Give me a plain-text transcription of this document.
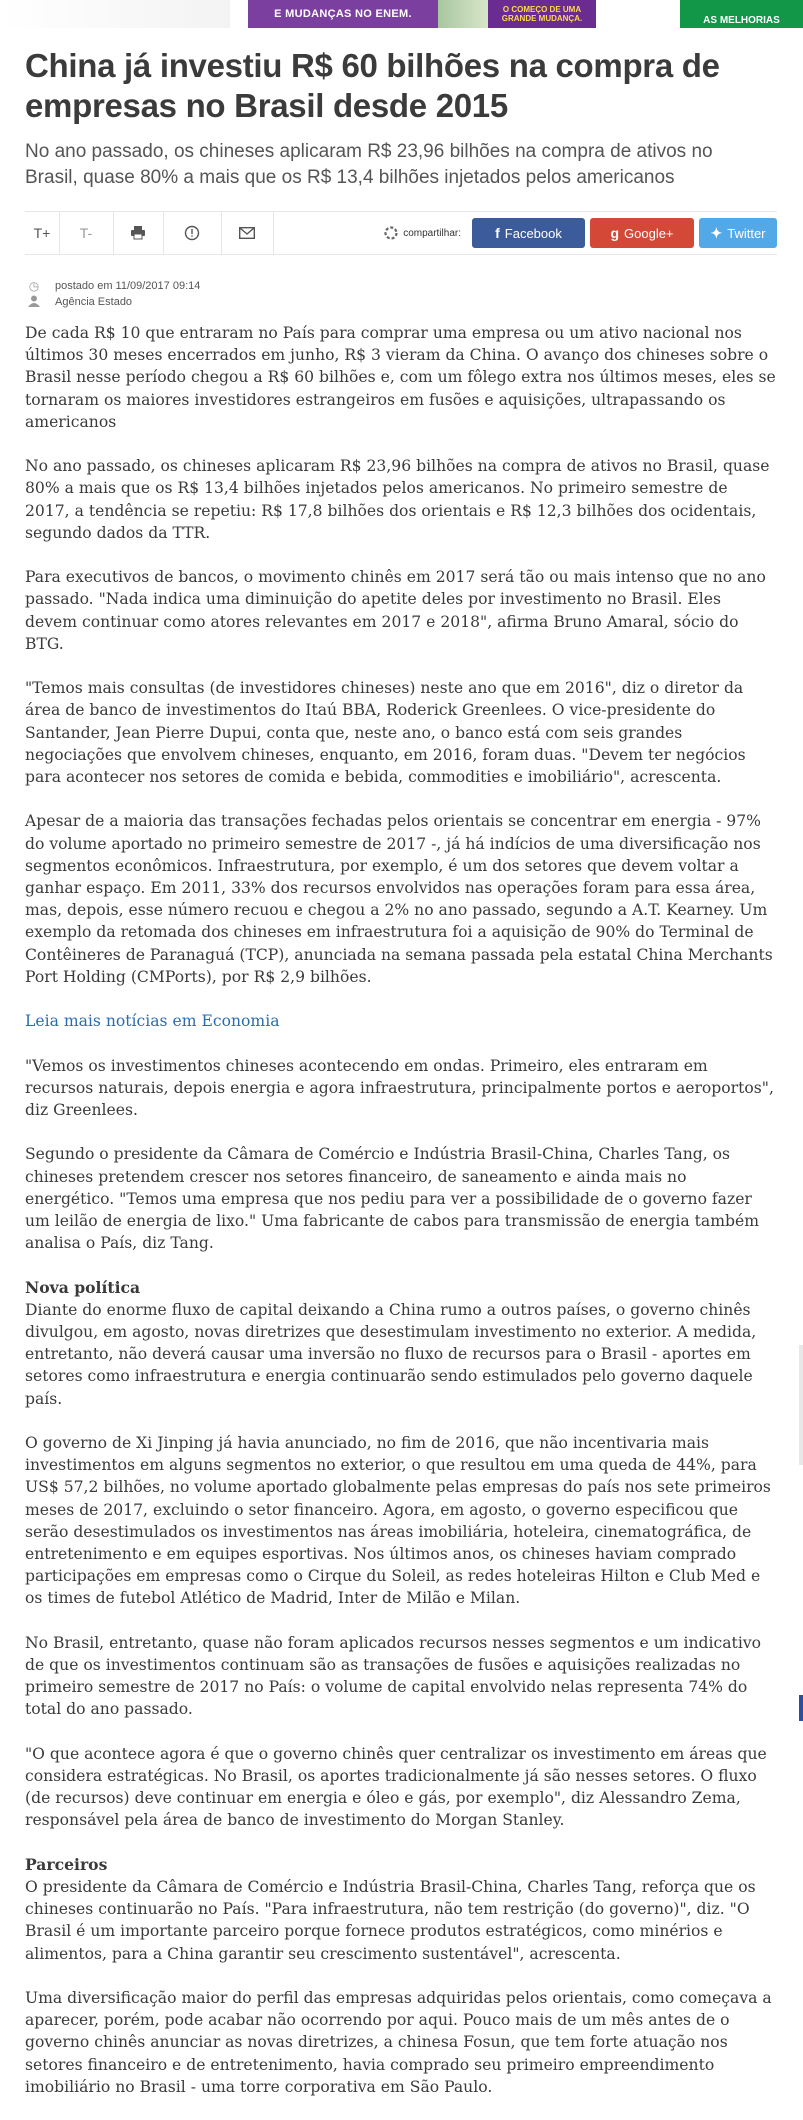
E MUDANÇAS NO ENEM.	O COMEÇO DE UMA GRANDE MUDANÇA.	AS MELHORIAS
China já investiu R$ 60 bilhões na compra de empresas no Brasil desde 2015

No ano passado, os chineses aplicaram R$ 23,96 bilhões na compra de ativos no Brasil, quase 80% a mais que os R$ 13,4 bilhões injetados pelos americanos

T+ T-	compartilhar: f Facebook	g Google+	✦ Twitter
◷	postado em 11/09/2017 09:14
Agência Estado

De cada R$ 10 que entraram no País para comprar uma empresa ou um ativo nacional nos últimos 30 meses encerrados em junho, R$ 3 vieram da China. O avanço dos chineses sobre o Brasil nesse período chegou a R$ 60 bilhões e, com um fôlego extra nos últimos meses, eles se tornaram os maiores investidores estrangeiros em fusões e aquisições, ultrapassando os americanos

No ano passado, os chineses aplicaram R$ 23,96 bilhões na compra de ativos no Brasil, quase 80% a mais que os R$ 13,4 bilhões injetados pelos americanos. No primeiro semestre de 2017, a tendência se repetiu: R$ 17,8 bilhões dos orientais e R$ 12,3 bilhões dos ocidentais, segundo dados da TTR.

Para executivos de bancos, o movimento chinês em 2017 será tão ou mais intenso que no ano passado. "Nada indica uma diminuição do apetite deles por investimento no Brasil. Eles devem continuar como atores relevantes em 2017 e 2018", afirma Bruno Amaral, sócio do BTG.

"Temos mais consultas (de investidores chineses) neste ano que em 2016", diz o diretor da área de banco de investimentos do Itaú BBA, Roderick Greenlees. O vice-presidente do Santander, Jean Pierre Dupui, conta que, neste ano, o banco está com seis grandes negociações que envolvem chineses, enquanto, em 2016, foram duas. "Devem ter negócios para acontecer nos setores de comida e bebida, commodities e imobiliário", acrescenta.

Apesar de a maioria das transações fechadas pelos orientais se concentrar em energia - 97% do volume aportado no primeiro semestre de 2017 -, já há indícios de uma diversificação nos segmentos econômicos. Infraestrutura, por exemplo, é um dos setores que devem voltar a ganhar espaço. Em 2011, 33% dos recursos envolvidos nas operações foram para essa área, mas, depois, esse número recuou e chegou a 2% no ano passado, segundo a A.T. Kearney. Um exemplo da retomada dos chineses em infraestrutura foi a aquisição de 90% do Terminal de Contêineres de Paranaguá (TCP), anunciada na semana passada pela estatal China Merchants Port Holding (CMPorts), por R$ 2,9 bilhões.

Leia mais notícias em Economia

"Vemos os investimentos chineses acontecendo em ondas. Primeiro, eles entraram em recursos naturais, depois energia e agora infraestrutura, principalmente portos e aeroportos", diz Greenlees.

Segundo o presidente da Câmara de Comércio e Indústria Brasil-China, Charles Tang, os chineses pretendem crescer nos setores financeiro, de saneamento e ainda mais no energético. "Temos uma empresa que nos pediu para ver a possibilidade de o governo fazer um leilão de energia de lixo." Uma fabricante de cabos para transmissão de energia também analisa o País, diz Tang.

Nova política
Diante do enorme fluxo de capital deixando a China rumo a outros países, o governo chinês divulgou, em agosto, novas diretrizes que desestimulam investimento no exterior. A medida, entretanto, não deverá causar uma inversão no fluxo de recursos para o Brasil - aportes em setores como infraestrutura e energia continuarão sendo estimulados pelo governo daquele país.

O governo de Xi Jinping já havia anunciado, no fim de 2016, que não incentivaria mais investimentos em alguns segmentos no exterior, o que resultou em uma queda de 44%, para US$ 57,2 bilhões, no volume aportado globalmente pelas empresas do país nos sete primeiros meses de 2017, excluindo o setor financeiro. Agora, em agosto, o governo especificou que serão desestimulados os investimentos nas áreas imobiliária, hoteleira, cinematográfica, de entretenimento e em equipes esportivas. Nos últimos anos, os chineses haviam comprado participações em empresas como o Cirque du Soleil, as redes hoteleiras Hilton e Club Med e os times de futebol Atlético de Madrid, Inter de Milão e Milan.

No Brasil, entretanto, quase não foram aplicados recursos nesses segmentos e um indicativo de que os investimentos continuam são as transações de fusões e aquisições realizadas no primeiro semestre de 2017 no País: o volume de capital envolvido nelas representa 74% do total do ano passado.

"O que acontece agora é que o governo chinês quer centralizar os investimento em áreas que considera estratégicas. No Brasil, os aportes tradicionalmente já são nesses setores. O fluxo (de recursos) deve continuar em energia e óleo e gás, por exemplo", diz Alessandro Zema, responsável pela área de banco de investimento do Morgan Stanley.

Parceiros
O presidente da Câmara de Comércio e Indústria Brasil-China, Charles Tang, reforça que os chineses continuarão no País. "Para infraestrutura, não tem restrição (do governo)", diz. "O Brasil é um importante parceiro porque fornece produtos estratégicos, como minérios e alimentos, para a China garantir seu crescimento sustentável", acrescenta.

Uma diversificação maior do perfil das empresas adquiridas pelos orientais, como começava a aparecer, porém, pode acabar não ocorrendo por aqui. Pouco mais de um mês antes de o governo chinês anunciar as novas diretrizes, a chinesa Fosun, que tem forte atuação nos setores financeiro e de entretenimento, havia comprado seu primeiro empreendimento imobiliário no Brasil - uma torre corporativa em São Paulo.
